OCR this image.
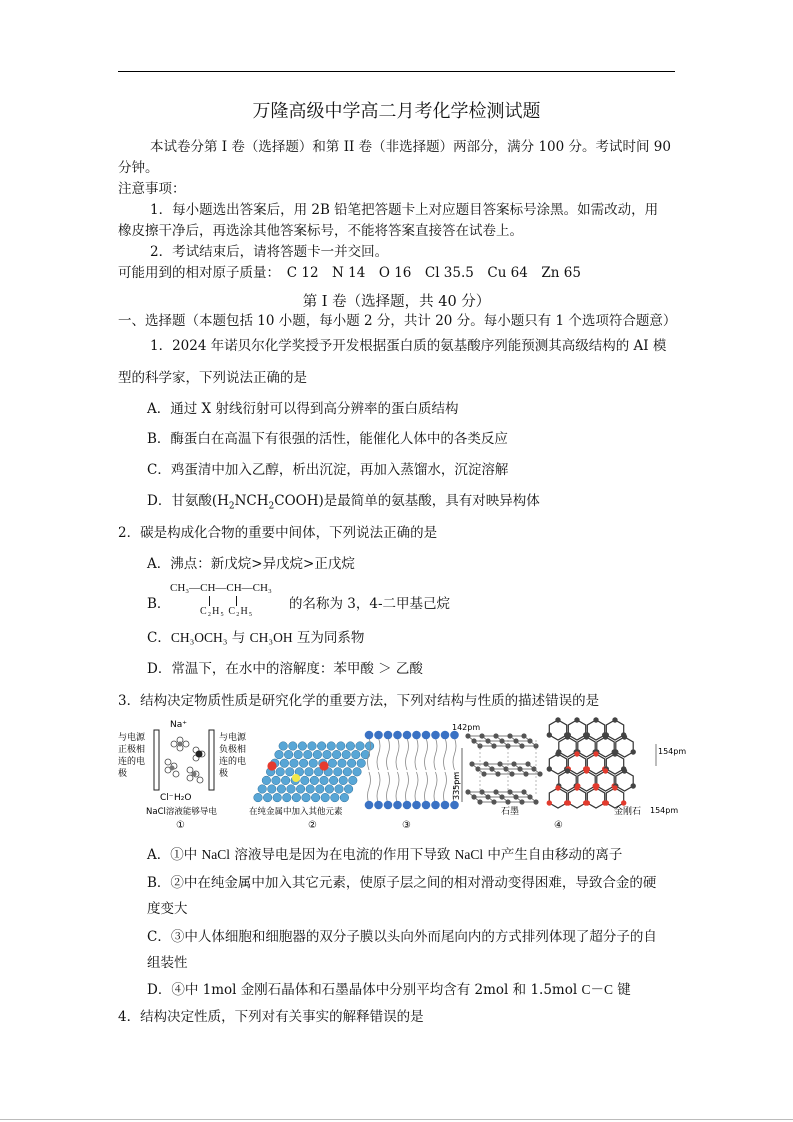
万隆高级中学高二月考化学检测试题
本试卷分第 I 卷（选择题）和第 II 卷（非选择题）两部分，满分 100 分。考试时间 90
分钟。
注意事项：
1．每小题选出答案后，用 2B 铅笔把答题卡上对应题目答案标号涂黑。如需改动，用
橡皮擦干净后，再选涂其他答案标号，不能将答案直接答在试卷上。
2．考试结束后，请将答题卡一并交回。
可能用到的相对原子质量：　C 12　N 14　O 16　Cl 35.5　Cu 64　Zn 65
第 I 卷（选择题，共 40 分）
一、选择题（本题包括 10 小题，每小题 2 分，共计 20 分。每小题只有 1 个选项符合题意）
1．2024 年诺贝尔化学奖授予开发根据蛋白质的氨基酸序列能预测其高级结构的 AI 模
型的科学家，下列说法正确的是
A．通过 X 射线衍射可以得到高分辨率的蛋白质结构
B．酶蛋白在高温下有很强的活性，能催化人体中的各类反应
C．鸡蛋清中加入乙醇，析出沉淀，再加入蒸馏水，沉淀溶解
D．甘氨酸$(H_2NCH_2COOH)$是最简单的氨基酸，具有对映异构体
2．碳是构成化合物的重要中间体，下列说法正确的是
A．沸点：新戊烷>异戊烷>正戊烷
B．
CH₃—CH—CH—CH₃
C₂H₅ C₂H₅	的名称为 3，4-二甲基己烷
C．CH₃OCH₃ 与 CH₃OH 互为同系物
D．常温下，在水中的溶解度：苯甲酸 ＞ 乙酸
3．结构决定物质性质是研究化学的重要方法，下列对结构与性质的描述错误的是
与电源
正极相
连的电
极
Na⁺
Cl⁻ H₂O
与电源
负极相
连的电
极
NaCl溶液能够导电
①
在纯金属中加入其他元素
②	③
142pm
335pm
石墨
154pm
154pm
金刚石
④
A．①中 NaCl 溶液导电是因为在电流的作用下导致 NaCl 中产生自由移动的离子
B．②中在纯金属中加入其它元素，使原子层之间的相对滑动变得困难，导致合金的硬
度变大
C．③中人体细胞和细胞器的双分子膜以头向外而尾向内的方式排列体现了超分子的自
组装性
D．④中 1mol 金刚石晶体和石墨晶体中分别平均含有 2mol 和 1.5mol C－C 键
4．结构决定性质，下列对有关事实的解释错误的是
